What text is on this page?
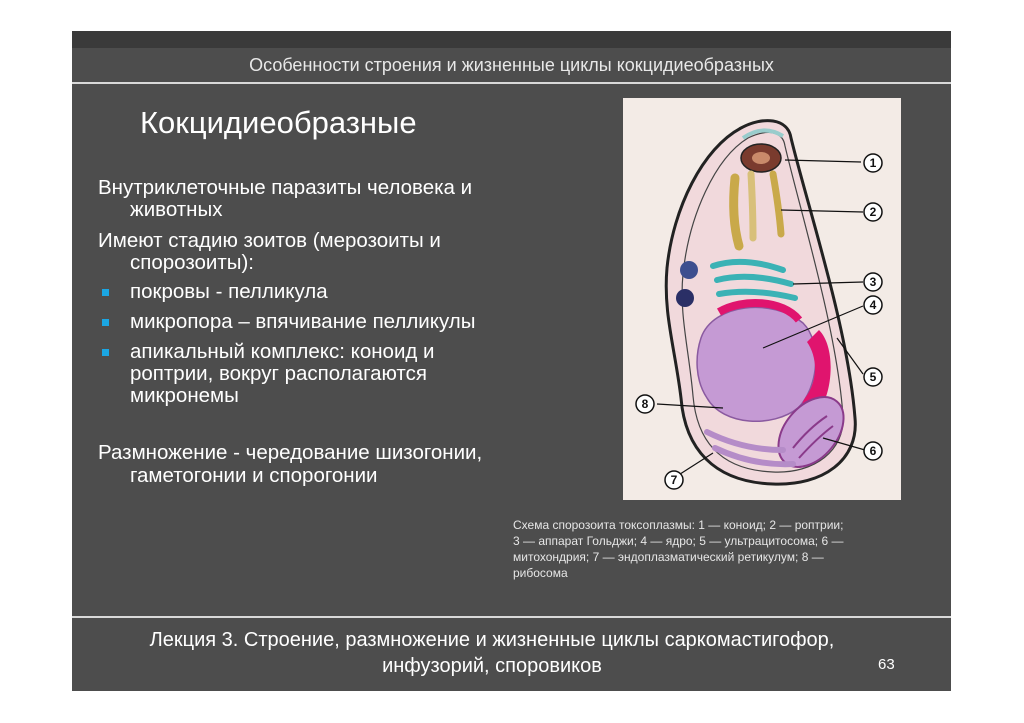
Особенности строения и жизненные циклы кокцидиеобразных
Кокцидиеобразные
Внутриклеточные паразиты человека и
животных
Имеют стадию зоитов (мерозоиты и
спорозоиты):
покровы - пелликула
микропора – впячивание пелликулы
апикальный комплекс: коноид и
роптрии, вокруг располагаются
микронемы
Размножение - чередование шизогонии,
гаметогонии и спорогонии
1
2
3
4
5
6
7
8
Схема спорозоита токсоплазмы: 1 — коноид; 2 — роптрии;
3 — аппарат Гольджи; 4 — ядро; 5 — ультрацитосома; 6 —
митохондрия; 7 — эндоплазматический ретикулум; 8 —
рибосома
Лекция 3. Строение, размножение и жизненные циклы саркомастигофор,
инфузорий, споровиков	63
